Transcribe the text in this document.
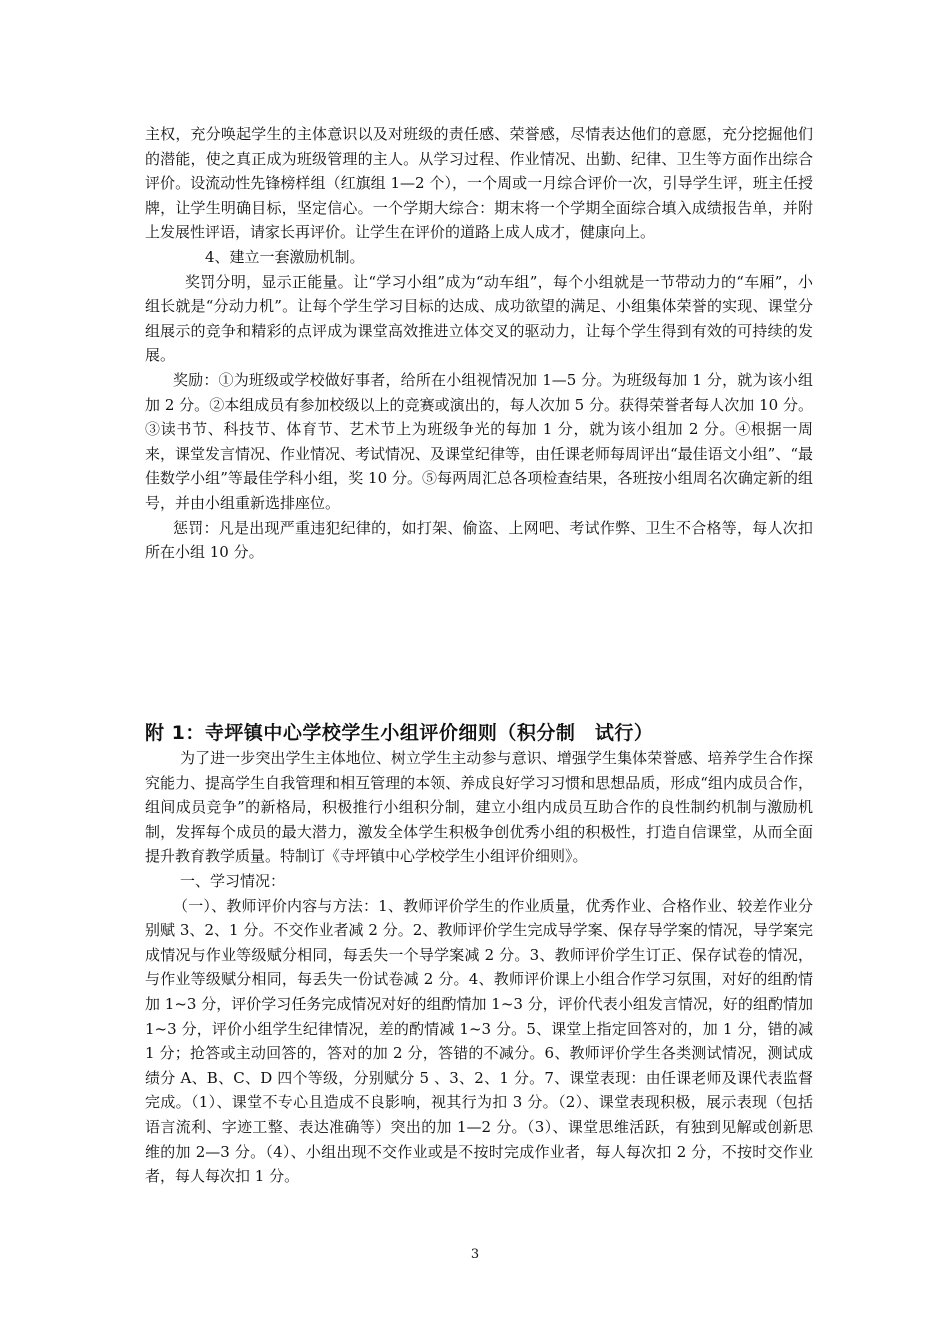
主权，充分唤起学生的主体意识以及对班级的责任感、荣誉感，尽情表达他们的意愿，充分挖掘他们的潜能，使之真正成为班级管理的主人。从学习过程、作业情况、出勤、纪律、卫生等方面作出综合评价。设流动性先锋榜样组（红旗组 1—2 个），一个周或一月综合评价一次，引导学生评，班主任授牌，让学生明确目标，坚定信心。一个学期大综合：期末将一个学期全面综合填入成绩报告单，并附上发展性评语，请家长再评价。让学生在评价的道路上成人成才，健康向上。

4、建立一套激励机制。

奖罚分明，显示正能量。让“学习小组”成为“动车组”，每个小组就是一节带动力的“车厢”，小组长就是“分动力机”。让每个学生学习目标的达成、成功欲望的满足、小组集体荣誉的实现、课堂分组展示的竞争和精彩的点评成为课堂高效推进立体交叉的驱动力，让每个学生得到有效的可持续的发展。

奖励：①为班级或学校做好事者，给所在小组视情况加 1—5 分。为班级每加 1 分，就为该小组加 2 分。②本组成员有参加校级以上的竞赛或演出的，每人次加 5 分。获得荣誉者每人次加 10 分。③读书节、科技节、体育节、艺术节上为班级争光的每加 1 分，就为该小组加 2 分。④根据一周来，课堂发言情况、作业情况、考试情况、及课堂纪律等，由任课老师每周评出“最佳语文小组”、“最佳数学小组”等最佳学科小组，奖 10 分。⑤每两周汇总各项检查结果，各班按小组周名次确定新的组号，并由小组重新选排座位。

惩罚：凡是出现严重违犯纪律的，如打架、偷盗、上网吧、考试作弊、卫生不合格等，每人次扣所在小组 10 分。

附 1：寺坪镇中心学校学生小组评价细则（积分制　试行）

为了进一步突出学生主体地位、树立学生主动参与意识、增强学生集体荣誉感、培养学生合作探究能力、提高学生自我管理和相互管理的本领、养成良好学习习惯和思想品质，形成“组内成员合作，组间成员竞争”的新格局，积极推行小组积分制，建立小组内成员互助合作的良性制约机制与激励机制，发挥每个成员的最大潜力，激发全体学生积极争创优秀小组的积极性，打造自信课堂，从而全面提升教育教学质量。特制订《寺坪镇中心学校学生小组评价细则》。

一、学习情况：

（一）、教师评价内容与方法：1、教师评价学生的作业质量，优秀作业、合格作业、较差作业分别赋 3、2、1 分。不交作业者减 2 分。2、教师评价学生完成导学案、保存导学案的情况，导学案完成情况与作业等级赋分相同，每丢失一个导学案减 2 分。3、教师评价学生订正、保存试卷的情况，与作业等级赋分相同，每丢失一份试卷减 2 分。4、教师评价课上小组合作学习氛围，对好的组酌情加 1~3 分，评价学习任务完成情况对好的组酌情加 1~3 分，评价代表小组发言情况，好的组酌情加 1~3 分，评价小组学生纪律情况，差的酌情减 1~3 分。5、课堂上指定回答对的，加 1 分，错的减 1 分；抢答或主动回答的，答对的加 2 分，答错的不减分。6、教师评价学生各类测试情况，测试成绩分 A、B、C、D 四个等级，分别赋分 5 、3、2、1 分。7、课堂表现：由任课老师及课代表监督完成。（1）、课堂不专心且造成不良影响，视其行为扣 3 分。（2）、课堂表现积极，展示表现（包括语言流利、字迹工整、表达准确等）突出的加 1—2 分。（3）、课堂思维活跃，有独到见解或创新思维的加 2—3 分。（4）、小组出现不交作业或是不按时完成作业者，每人每次扣 2 分，不按时交作业者，每人每次扣 1 分。

3
